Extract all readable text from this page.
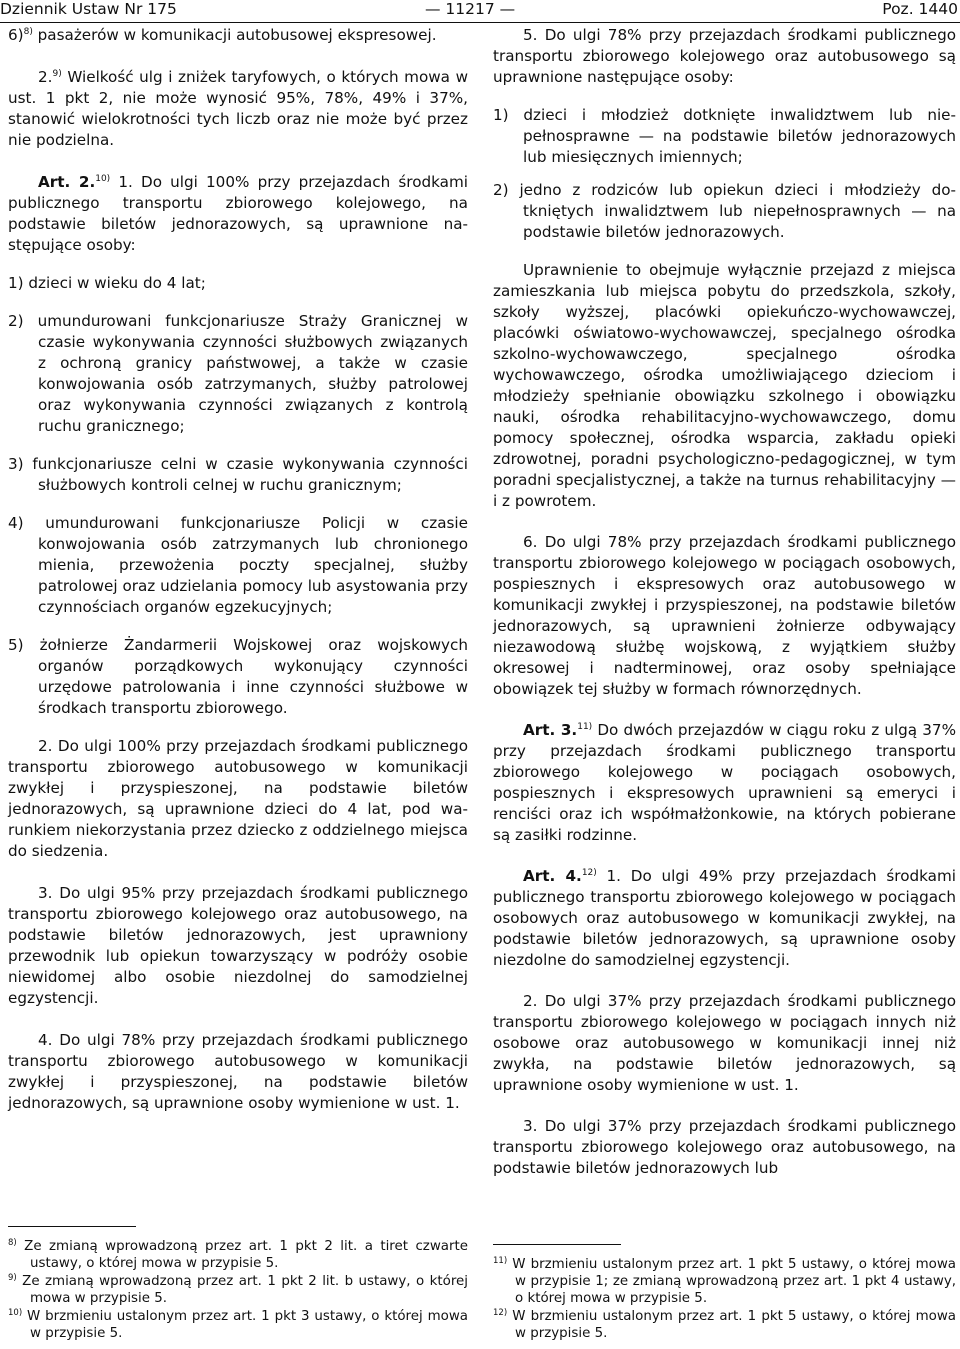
Dziennik Ustaw Nr 175	— 11217 —	Poz. 1440

6)$^{8)}$ pasażerów w komunikacji autobusowej ekspresowej.

2.$^{9)}$ Wielkość ulg i zniżek taryfowych, o których mowa w ust. 1 pkt 2, nie może wynosić 95%, 78%, 49% i 37%, stanowić wielokrotności tych liczb oraz nie może być przez nie podzielna.

Art. 2.$^{10)}$ 1. Do ulgi 100% przy przejazdach środkami publicznego transportu zbiorowego kolejowego, na podstawie biletów jednorazowych, są uprawnione następujące osoby:

1) dzieci w wieku do 4 lat;
2) umundurowani funkcjonariusze Straży Granicznej w czasie wykonywania czynności służbowych związanych z ochroną granicy państwowej, a także w czasie konwojowania osób zatrzymanych, służby patrolowej oraz wykonywania czynności związanych z kontrolą ruchu granicznego;
3) funkcjonariusze celni w czasie wykonywania czynności służbowych kontroli celnej w ruchu granicznym;
4) umundurowani funkcjonariusze Policji w czasie konwojowania osób zatrzymanych lub chronionego mienia, przewożenia poczty specjalnej, służby patrolowej oraz udzielania pomocy lub asystowania przy czynnościach organów egzekucyjnych;
5) żołnierze Żandarmerii Wojskowej oraz wojskowych organów porządkowych wykonujący czynności urzędowe patrolowania i inne czynności służbowe w środkach transportu zbiorowego.

2. Do ulgi 100% przy przejazdach środkami publicznego transportu zbiorowego autobusowego w komunikacji zwykłej i przyspieszonej, na podstawie biletów jednorazowych, są uprawnione dzieci do 4 lat, pod warunkiem niekorzystania przez dziecko z oddzielnego miejsca do siedzenia.

3. Do ulgi 95% przy przejazdach środkami publicznego transportu zbiorowego kolejowego oraz autobusowego, na podstawie biletów jednorazowych, jest uprawniony przewodnik lub opiekun towarzyszący w podróży osobie niewidomej albo osobie niezdolnej do samodzielnej egzystencji.

4. Do ulgi 78% przy przejazdach środkami publicznego transportu zbiorowego autobusowego w komunikacji zwykłej i przyspieszonej, na podstawie biletów jednorazowych, są uprawnione osoby wymienione w ust. 1.

5. Do ulgi 78% przy przejazdach środkami publicznego transportu zbiorowego kolejowego oraz autobusowego są uprawnione następujące osoby:

1) dzieci i młodzież dotknięte inwalidztwem lub niepełnosprawne — na podstawie biletów jednorazowych lub miesięcznych imiennych;
2) jedno z rodziców lub opiekun dzieci i młodzieży dotkniętych inwalidztwem lub niepełnosprawnych — na podstawie biletów jednorazowych.

Uprawnienie to obejmuje wyłącznie przejazd z miejsca zamieszkania lub miejsca pobytu do przedszkola, szkoły, szkoły wyższej, placówki opiekuńczo-wychowawczej, placówki oświatowo-wychowawczej, specjalnego ośrodka szkolno-wychowawczego, specjalnego ośrodka wychowawczego, ośrodka umożliwiającego dzieciom i młodzieży spełnianie obowiązku szkolnego i obowiązku nauki, ośrodka rehabilitacyjno-wychowawczego, domu pomocy społecznej, ośrodka wsparcia, zakładu opieki zdrowotnej, poradni psychologiczno-pedagogicznej, w tym poradni specjalistycznej, a także na turnus rehabilitacyjny — i z powrotem.

6. Do ulgi 78% przy przejazdach środkami publicznego transportu zbiorowego kolejowego w pociągach osobowych, pospiesznych i ekspresowych oraz autobusowego w komunikacji zwykłej i przyspieszonej, na podstawie biletów jednorazowych, są uprawnieni żołnierze odbywający niezawodową służbę wojskową, z wyjątkiem służby okresowej i nadterminowej, oraz osoby spełniające obowiązek tej służby w formach równorzędnych.

Art. 3.$^{11)}$ Do dwóch przejazdów w ciągu roku z ulgą 37% przy przejazdach środkami publicznego transportu zbiorowego kolejowego w pociągach osobowych, pospiesznych i ekspresowych uprawnieni są emeryci i renciści oraz ich współmałżonkowie, na których pobierane są zasiłki rodzinne.

Art. 4.$^{12)}$ 1. Do ulgi 49% przy przejazdach środkami publicznego transportu zbiorowego kolejowego w pociągach osobowych oraz autobusowego w komunikacji zwykłej, na podstawie biletów jednorazowych, są uprawnione osoby niezdolne do samodzielnej egzystencji.

2. Do ulgi 37% przy przejazdach środkami publicznego transportu zbiorowego kolejowego w pociągach innych niż osobowe oraz autobusowego w komunikacji innej niż zwykła, na podstawie biletów jednorazowych, są uprawnione osoby wymienione w ust. 1.

3. Do ulgi 37% przy przejazdach środkami publicznego transportu zbiorowego kolejowego oraz autobusowego, na podstawie biletów jednorazowych lub

$^{8)}$ Ze zmianą wprowadzoną przez art. 1 pkt 2 lit. a tiret czwarte ustawy, o której mowa w przypisie 5.

$^{9)}$ Ze zmianą wprowadzoną przez art. 1 pkt 2 lit. b ustawy, o której mowa w przypisie 5.

$^{10)}$ W brzmieniu ustalonym przez art. 1 pkt 3 ustawy, o której mowa w przypisie 5.

$^{11)}$ W brzmieniu ustalonym przez art. 1 pkt 5 ustawy, o której mowa w przypisie 1; ze zmianą wprowadzoną przez art. 1 pkt 4 ustawy, o której mowa w przypisie 5.

$^{12)}$ W brzmieniu ustalonym przez art. 1 pkt 5 ustawy, o której mowa w przypisie 5.
